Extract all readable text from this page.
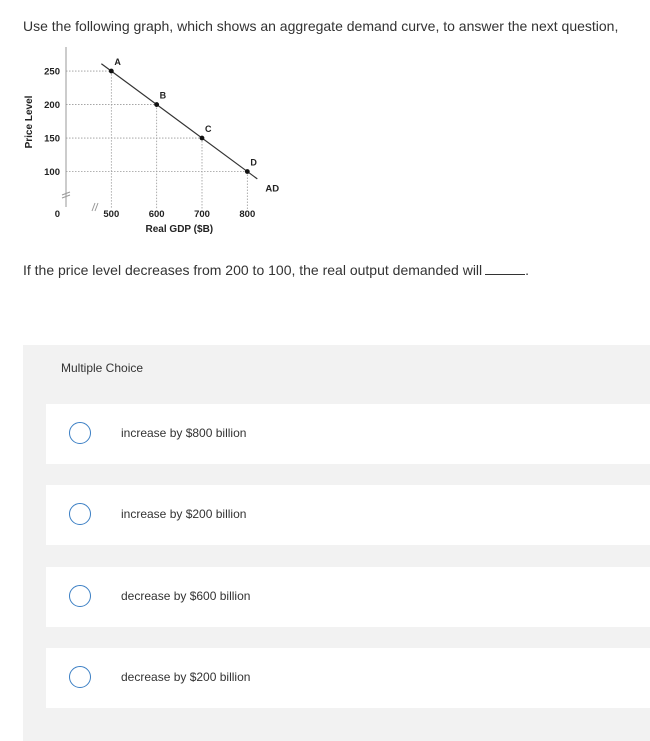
Use the following graph, which shows an aggregate demand curve, to answer the next question,
A
B
C
D
AD
100
150
200
250
0	500	600	700	800
Real GDP ($B)
Price Level
If the price level decreases from 200 to 100, the real output demanded will	.
Multiple Choice
increase by $800 billion
increase by $200 billion
decrease by $600 billion
decrease by $200 billion
